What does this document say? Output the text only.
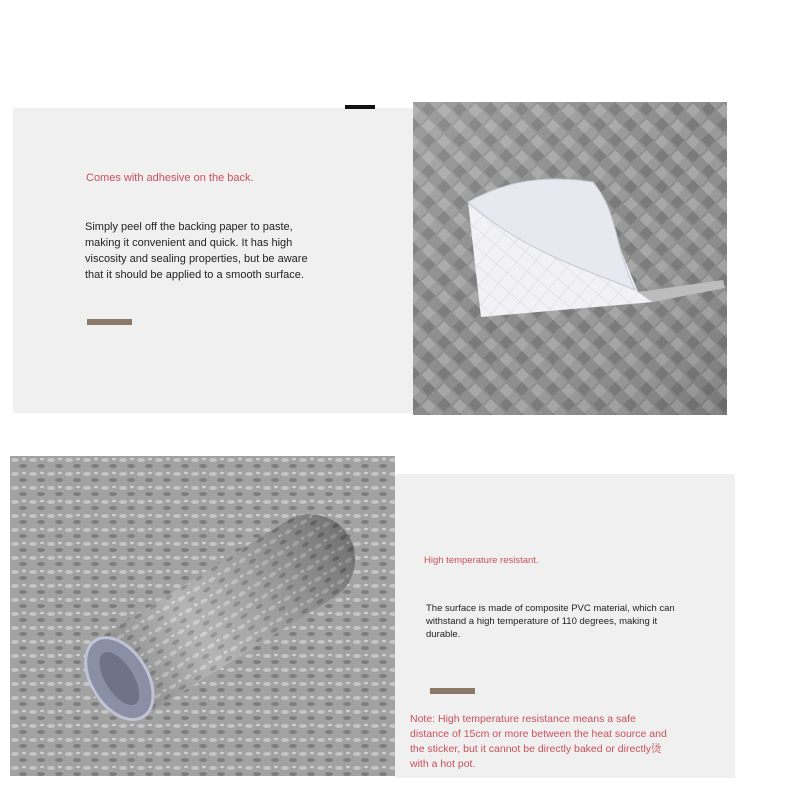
Comes with adhesive on the back.
Simply peel off the backing paper to paste,
making it convenient and quick. It has high
viscosity and sealing properties, but be aware
that it should be applied to a smooth surface.
High temperature resistant.
The surface is made of composite PVC material, which can
withstand a high temperature of 110 degrees, making it
durable.
Note: High temperature resistance means a safe
distance of 15cm or more between the heat source and
the sticker, but it cannot be directly baked or directly烫
with a hot pot.
